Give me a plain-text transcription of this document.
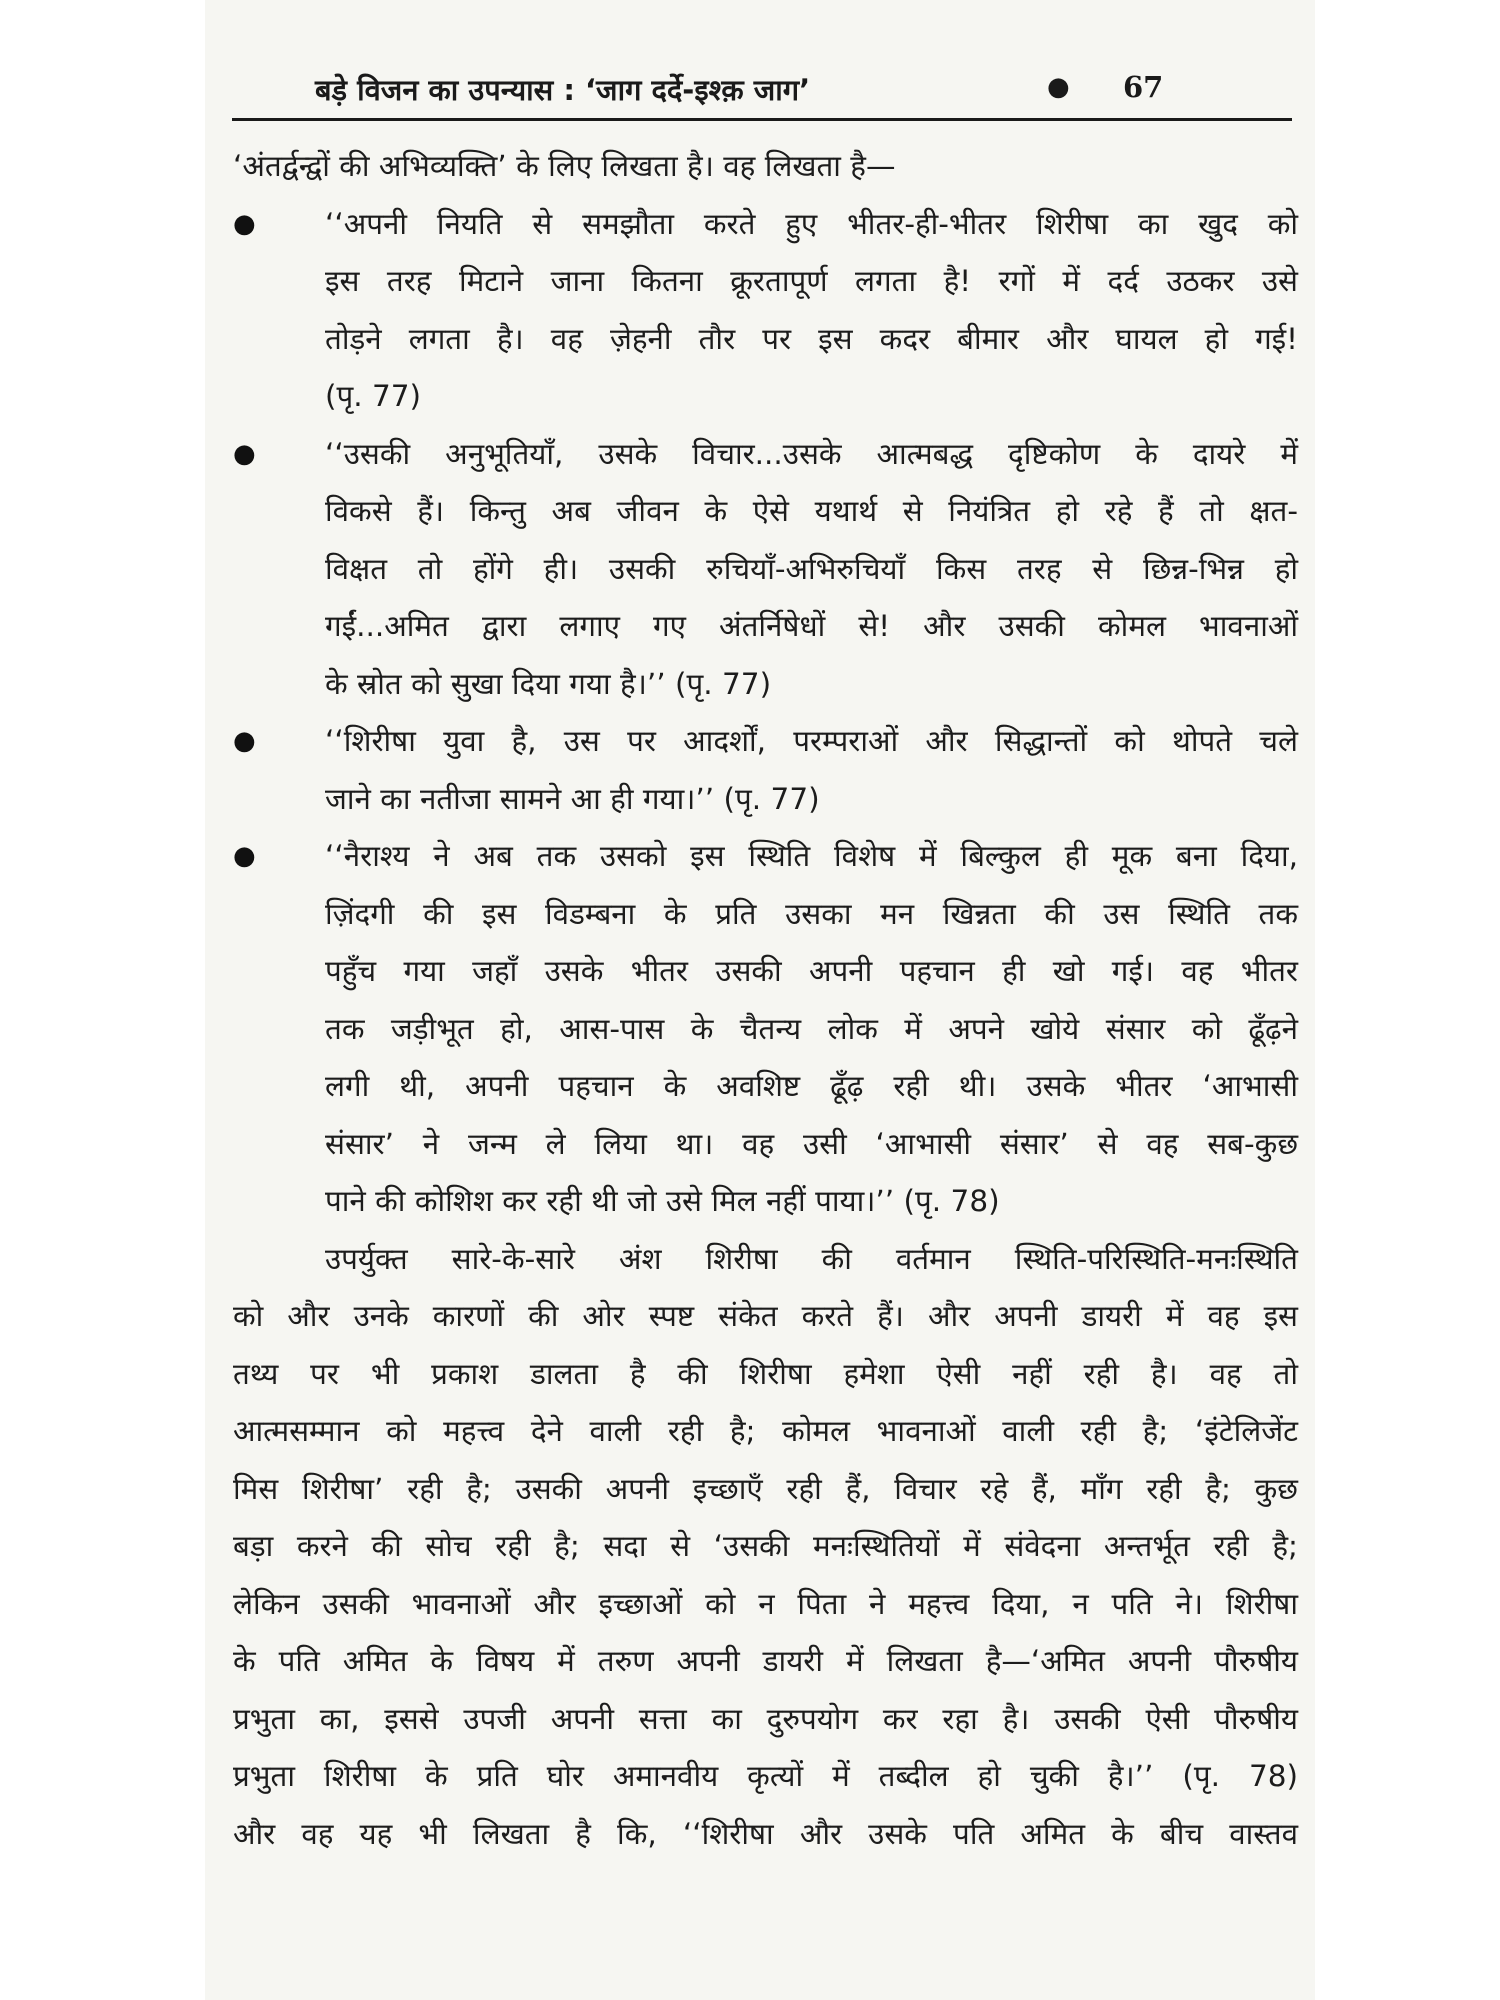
बड़े विजन का उपन्यास : ‘जाग दर्दे-इश्क़ जाग’	● 67
‘अंतर्द्वन्द्वों की अभिव्यक्ति’ के लिए लिखता है। वह लिखता है—
●	‘‘अपनी नियति से समझौता करते हुए भीतर-ही-भीतर शिरीषा का खुद को
इस तरह मिटाने जाना कितना क्रूरतापूर्ण लगता है! रगों में दर्द उठकर उसे
तोड़ने लगता है। वह ज़ेहनी तौर पर इस कदर बीमार और घायल हो गई!
(पृ. 77)
●	‘‘उसकी अनुभूतियाँ, उसके विचार...उसके आत्मबद्ध दृष्टिकोण के दायरे में
विकसे हैं। किन्तु अब जीवन के ऐसे यथार्थ से नियंत्रित हो रहे हैं तो क्षत-
विक्षत तो होंगे ही। उसकी रुचियाँ-अभिरुचियाँ किस तरह से छिन्न-भिन्न हो
गईं...अमित द्वारा लगाए गए अंतर्निषेधों से! और उसकी कोमल भावनाओं
के स्रोत को सुखा दिया गया है।’’ (पृ. 77)
●	‘‘शिरीषा युवा है, उस पर आदर्शों, परम्पराओं और सिद्धान्तों को थोपते चले
जाने का नतीजा सामने आ ही गया।’’ (पृ. 77)
●	‘‘नैराश्य ने अब तक उसको इस स्थिति विशेष में बिल्कुल ही मूक बना दिया,
ज़िंदगी की इस विडम्बना के प्रति उसका मन खिन्नता की उस स्थिति तक
पहुँच गया जहाँ उसके भीतर उसकी अपनी पहचान ही खो गई। वह भीतर
तक जड़ीभूत हो, आस-पास के चैतन्य लोक में अपने खोये संसार को ढूँढ़ने
लगी थी, अपनी पहचान के अवशिष्ट ढूँढ़ रही थी। उसके भीतर ‘आभासी
संसार’ ने जन्म ले लिया था। वह उसी ‘आभासी संसार’ से वह सब-कुछ
पाने की कोशिश कर रही थी जो उसे मिल नहीं पाया।’’ (पृ. 78)
उपर्युक्त सारे-के-सारे अंश शिरीषा की वर्तमान स्थिति-परिस्थिति-मनःस्थिति
को और उनके कारणों की ओर स्पष्ट संकेत करते हैं। और अपनी डायरी में वह इस
तथ्य पर भी प्रकाश डालता है की शिरीषा हमेशा ऐसी नहीं रही है। वह तो
आत्मसम्मान को महत्त्व देने वाली रही है; कोमल भावनाओं वाली रही है; ‘इंटेलिजेंट
मिस शिरीषा’ रही है; उसकी अपनी इच्छाएँ रही हैं, विचार रहे हैं, माँग रही है; कुछ
बड़ा करने की सोच रही है; सदा से ‘उसकी मनःस्थितियों में संवेदना अन्तर्भूत रही है;
लेकिन उसकी भावनाओं और इच्छाओं को न पिता ने महत्त्व दिया, न पति ने। शिरीषा
के पति अमित के विषय में तरुण अपनी डायरी में लिखता है—‘अमित अपनी पौरुषीय
प्रभुता का, इससे उपजी अपनी सत्ता का दुरुपयोग कर रहा है। उसकी ऐसी पौरुषीय
प्रभुता शिरीषा के प्रति घोर अमानवीय कृत्यों में तब्दील हो चुकी है।’’ (पृ. 78)
और वह यह भी लिखता है कि, ‘‘शिरीषा और उसके पति अमित के बीच वास्तव
